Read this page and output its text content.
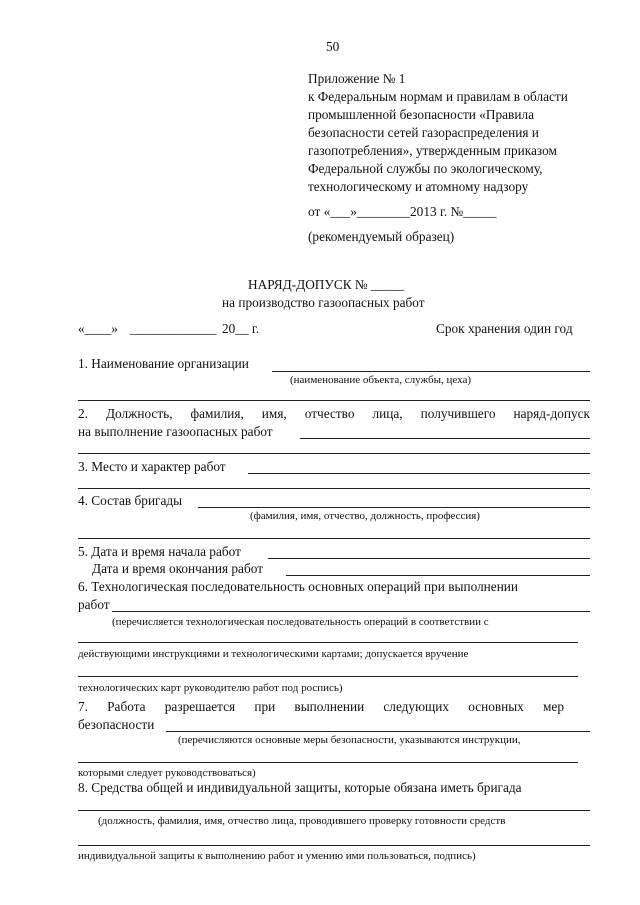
50
Приложение № 1
к Федеральным нормам и правилам в области
промышленной безопасности «Правила
безопасности сетей газораспределения и
газопотребления», утвержденным приказом
Федеральной службы по экологическому,
технологическому и атомному надзору
от «___»________2013 г. №_____
(рекомендуемый образец)
НАРЯД-ДОПУСК № _____
на производство газоопасных работ
«____» _____________ 20__ г.	Срок хранения один год
1. Наименование организации
(наименование объекта, службы, цеха)
2. Должность, фамилия, имя, отчество лица, получившего наряд-допуск
на выполнение газоопасных работ
3. Место и характер работ
4. Состав бригады
(фамилия, имя, отчество, должность, профессия)
5. Дата и время начала работ
Дата и время окончания работ
6. Технологическая последовательность основных операций при выполнении
работ
(перечисляется технологическая последовательность операций в соответствии с
действующими инструкциями и технологическими картами; допускается вручение
технологических карт руководителю работ под роспись)
7. Работа разрешается при выполнении следующих основных мер
безопасности
(перечисляются основные меры безопасности, указываются инструкции,
которыми следует руководствоваться)
8. Средства общей и индивидуальной защиты, которые обязана иметь бригада
(должность, фамилия, имя, отчество лица, проводившего проверку готовности средств
индивидуальной защиты к выполнению работ и умению ими пользоваться, подпись)
